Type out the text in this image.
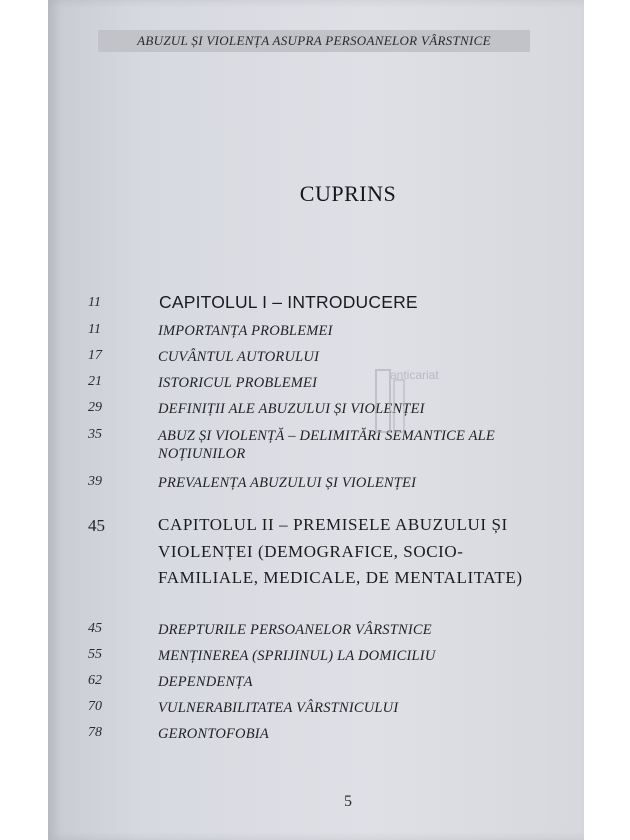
ABUZUL ȘI VIOLENȚA ASUPRA PERSOANELOR VÂRSTNICE
CUPRINS
11	CAPITOLUL I – INTRODUCERE
11	IMPORTANȚA PROBLEMEI
17	CUVÂNTUL AUTORULUI
21	ISTORICUL PROBLEMEI
29	DEFINIȚII ALE ABUZULUI ȘI VIOLENȚEI
35	ABUZ ȘI VIOLENȚĂ – DELIMITĂRI SEMANTICE ALE NOȚIUNILOR
39	PREVALENȚA ABUZULUI ȘI VIOLENȚEI
45	CAPITOLUL II – PREMISELE ABUZULUI ȘI VIOLENȚEI (DEMOGRAFICE, SOCIO-FAMILIALE, MEDICALE, DE MENTALITATE)
45	DREPTURILE PERSOANELOR VÂRSTNICE
55	MENȚINEREA (SPRIJINUL) LA DOMICILIU
62	DEPENDENȚA
70	VULNERABILITATEA VÂRSTNICULUI
78	GERONTOFOBIA
anticariat
5
